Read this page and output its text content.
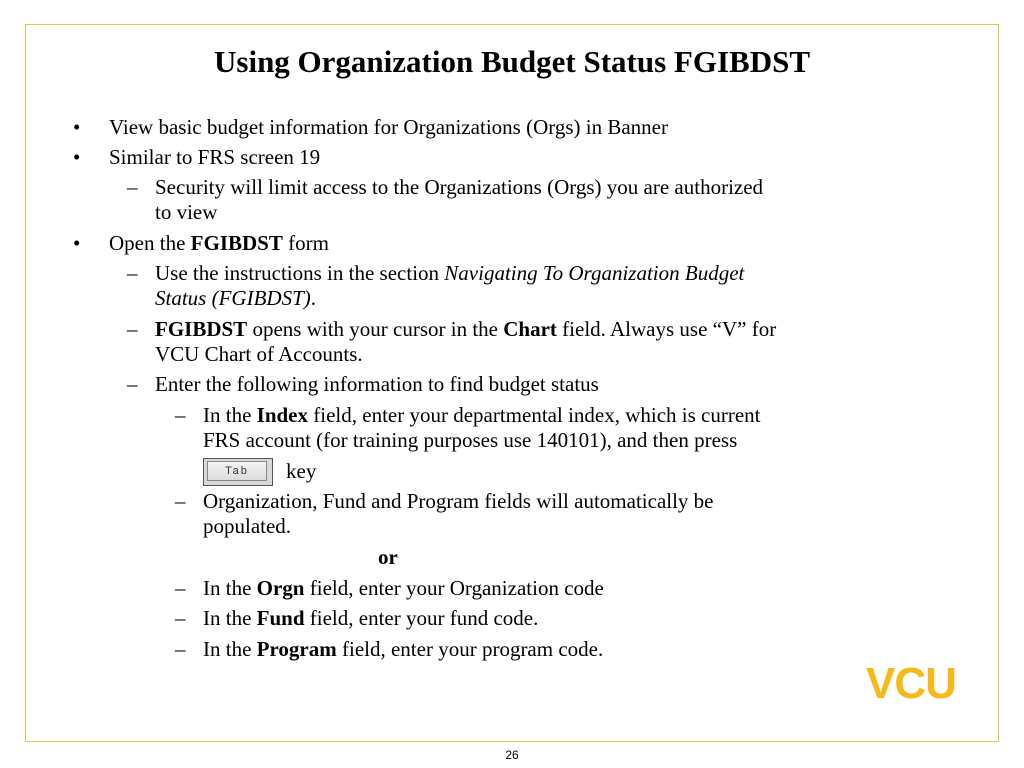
Using Organization Budget Status FGIBDST
• View basic budget information for Organizations (Orgs) in Banner
• Similar to FRS screen 19
– Security will limit access to the Organizations (Orgs) you are authorized
to view
• Open the FGIBDST form
– Use the instructions in the section Navigating To Organization Budget
Status (FGIBDST).
– FGIBDST opens with your cursor in the Chart field. Always use “V” for
VCU Chart of Accounts.
– Enter the following information to find budget status
– In the Index field, enter your departmental index, which is current
FRS account (for training purposes use 140101), and then press
Tab	key
– Organization, Fund and Program fields will automatically be
populated.
or
– In the Orgn field, enter your Organization code
– In the Fund field, enter your fund code.
– In the Program field, enter your program code.
VCU
26
